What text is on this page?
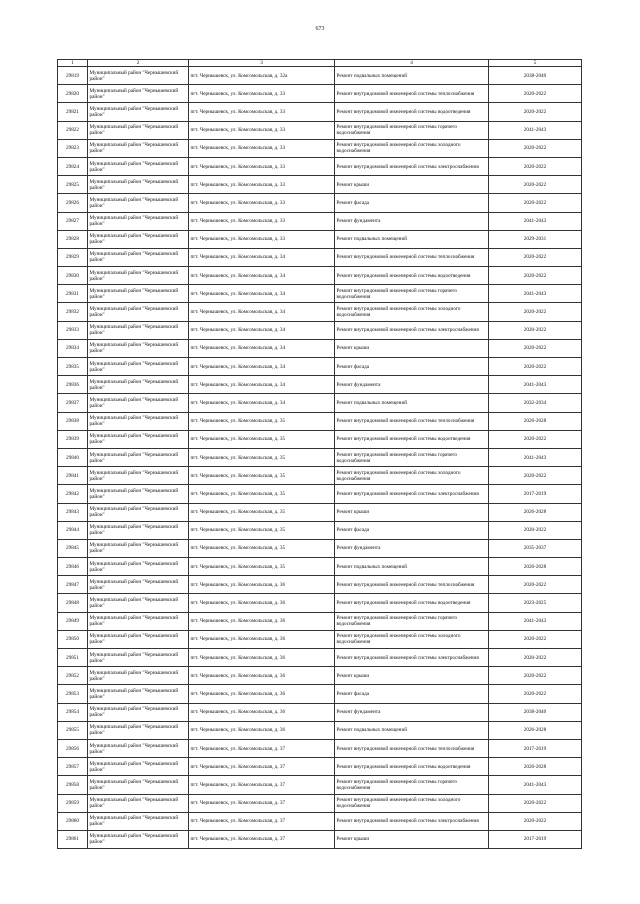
673
1	2	3	4	5
29819	Муниципальный район "Чернышевский район"	пгт. Чернышевск, ул. Комсомольская, д. 32а	Ремонт подвальных помещений	2038-2040
29820	Муниципальный район "Чернышевский район"	пгт. Чернышевск, ул. Комсомольская, д. 33	Ремонт внутридомовой инженерной системы теплоснабжения	2020-2022
29821	Муниципальный район "Чернышевский район"	пгт. Чернышевск, ул. Комсомольская, д. 33	Ремонт внутридомовой инженерной системы водоотведения	2020-2022
29822	Муниципальный район "Чернышевский район"	пгт. Чернышевск, ул. Комсомольская, д. 33	Ремонт внутридомовой инженерной системы горячего водоснабжения	2041-2043
29823	Муниципальный район "Чернышевский район"	пгт. Чернышевск, ул. Комсомольская, д. 33	Ремонт внутридомовой инженерной системы холодного водоснабжения	2020-2022
29824	Муниципальный район "Чернышевский район"	пгт. Чернышевск, ул. Комсомольская, д. 33	Ремонт внутридомовой инженерной системы электроснабжения	2020-2022
29825	Муниципальный район "Чернышевский район"	пгт. Чернышевск, ул. Комсомольская, д. 33	Ремонт крыши	2020-2022
29826	Муниципальный район "Чернышевский район"	пгт. Чернышевск, ул. Комсомольская, д. 33	Ремонт фасада	2020-2022
29827	Муниципальный район "Чернышевский район"	пгт. Чернышевск, ул. Комсомольская, д. 33	Ремонт фундамента	2041-2043
29828	Муниципальный район "Чернышевский район"	пгт. Чернышевск, ул. Комсомольская, д. 33	Ремонт подвальных помещений	2029-2031
29829	Муниципальный район "Чернышевский район"	пгт. Чернышевск, ул. Комсомольская, д. 34	Ремонт внутридомовой инженерной системы теплоснабжения	2020-2022
29830	Муниципальный район "Чернышевский район"	пгт. Чернышевск, ул. Комсомольская, д. 34	Ремонт внутридомовой инженерной системы водоотведения	2020-2022
29831	Муниципальный район "Чернышевский район"	пгт. Чернышевск, ул. Комсомольская, д. 34	Ремонт внутридомовой инженерной системы горячего водоснабжения	2041-2043
29832	Муниципальный район "Чернышевский район"	пгт. Чернышевск, ул. Комсомольская, д. 34	Ремонт внутридомовой инженерной системы холодного водоснабжения	2020-2022
29833	Муниципальный район "Чернышевский район"	пгт. Чернышевск, ул. Комсомольская, д. 34	Ремонт внутридомовой инженерной системы электроснабжения	2020-2022
29834	Муниципальный район "Чернышевский район"	пгт. Чернышевск, ул. Комсомольская, д. 34	Ремонт крыши	2020-2022
29835	Муниципальный район "Чернышевский район"	пгт. Чернышевск, ул. Комсомольская, д. 34	Ремонт фасада	2020-2022
29836	Муниципальный район "Чернышевский район"	пгт. Чернышевск, ул. Комсомольская, д. 34	Ремонт фундамента	2041-2043
29837	Муниципальный район "Чернышевский район"	пгт. Чернышевск, ул. Комсомольская, д. 34	Ремонт подвальных помещений	2032-2034
29838	Муниципальный район "Чернышевский район"	пгт. Чернышевск, ул. Комсомольская, д. 35	Ремонт внутридомовой инженерной системы теплоснабжения	2026-2028
29839	Муниципальный район "Чернышевский район"	пгт. Чернышевск, ул. Комсомольская, д. 35	Ремонт внутридомовой инженерной системы водоотведения	2020-2022
29840	Муниципальный район "Чернышевский район"	пгт. Чернышевск, ул. Комсомольская, д. 35	Ремонт внутридомовой инженерной системы горячего водоснабжения	2041-2043
29841	Муниципальный район "Чернышевский район"	пгт. Чернышевск, ул. Комсомольская, д. 35	Ремонт внутридомовой инженерной системы холодного водоснабжения	2020-2022
29842	Муниципальный район "Чернышевский район"	пгт. Чернышевск, ул. Комсомольская, д. 35	Ремонт внутридомовой инженерной системы электроснабжения	2017-2019
29843	Муниципальный район "Чернышевский район"	пгт. Чернышевск, ул. Комсомольская, д. 35	Ремонт крыши	2026-2028
29844	Муниципальный район "Чернышевский район"	пгт. Чернышевск, ул. Комсомольская, д. 35	Ремонт фасада	2020-2022
29845	Муниципальный район "Чернышевский район"	пгт. Чернышевск, ул. Комсомольская, д. 35	Ремонт фундамента	2035-2037
29846	Муниципальный район "Чернышевский район"	пгт. Чернышевск, ул. Комсомольская, д. 35	Ремонт подвальных помещений	2026-2028
29847	Муниципальный район "Чернышевский район"	пгт. Чернышевск, ул. Комсомольская, д. 36	Ремонт внутридомовой инженерной системы теплоснабжения	2020-2022
29848	Муниципальный район "Чернышевский район"	пгт. Чернышевск, ул. Комсомольская, д. 36	Ремонт внутридомовой инженерной системы водоотведения	2023-2025
29849	Муниципальный район "Чернышевский район"	пгт. Чернышевск, ул. Комсомольская, д. 36	Ремонт внутридомовой инженерной системы горячего водоснабжения	2041-2043
29850	Муниципальный район "Чернышевский район"	пгт. Чернышевск, ул. Комсомольская, д. 36	Ремонт внутридомовой инженерной системы холодного водоснабжения	2020-2022
29851	Муниципальный район "Чернышевский район"	пгт. Чернышевск, ул. Комсомольская, д. 36	Ремонт внутридомовой инженерной системы электроснабжения	2020-2022
29852	Муниципальный район "Чернышевский район"	пгт. Чернышевск, ул. Комсомольская, д. 36	Ремонт крыши	2020-2022
29853	Муниципальный район "Чернышевский район"	пгт. Чернышевск, ул. Комсомольская, д. 36	Ремонт фасада	2020-2022
29854	Муниципальный район "Чернышевский район"	пгт. Чернышевск, ул. Комсомольская, д. 36	Ремонт фундамента	2038-2040
29855	Муниципальный район "Чернышевский район"	пгт. Чернышевск, ул. Комсомольская, д. 36	Ремонт подвальных помещений	2026-2028
29856	Муниципальный район "Чернышевский район"	пгт. Чернышевск, ул. Комсомольская, д. 37	Ремонт внутридомовой инженерной системы теплоснабжения	2017-2019
29857	Муниципальный район "Чернышевский район"	пгт. Чернышевск, ул. Комсомольская, д. 37	Ремонт внутридомовой инженерной системы водоотведения	2026-2028
29858	Муниципальный район "Чернышевский район"	пгт. Чернышевск, ул. Комсомольская, д. 37	Ремонт внутридомовой инженерной системы горячего водоснабжения	2041-2043
29859	Муниципальный район "Чернышевский район"	пгт. Чернышевск, ул. Комсомольская, д. 37	Ремонт внутридомовой инженерной системы холодного водоснабжения	2020-2022
29860	Муниципальный район "Чернышевский район"	пгт. Чернышевск, ул. Комсомольская, д. 37	Ремонт внутридомовой инженерной системы электроснабжения	2020-2022
29861	Муниципальный район "Чернышевский район"	пгт. Чернышевск, ул. Комсомольская, д. 37	Ремонт крыши	2017-2019
